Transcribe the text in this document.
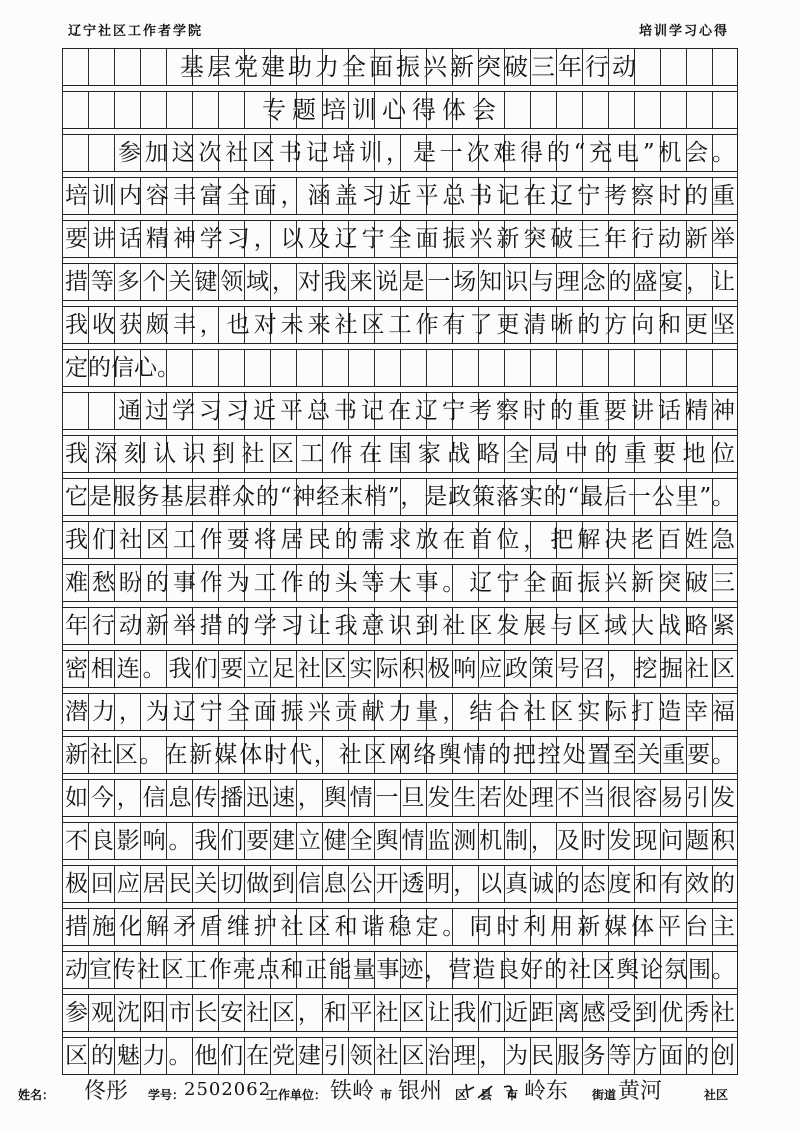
辽宁社区工作者学院	培训学习心得
基层党建助力全面振兴新突破三年行动
专题培训心得体会
参加这次社区书记培训，是一次难得的“充电”机会。
培训内容丰富全面，涵盖习近平总书记在辽宁考察时的重
要讲话精神学习，以及辽宁全面振兴新突破三年行动新举
措等多个关键领域，对我来说是一场知识与理念的盛宴，让
我收获颇丰，也对未来社区工作有了更清晰的方向和更坚
定的信心。
通过学习习近平总书记在辽宁考察时的重要讲话精神
我深刻认识到社区工作在国家战略全局中的重要地位
它是服务基层群众的“神经末梢”，是政策落实的“最后一公里”。
我们社区工作要将居民的需求放在首位，把解决老百姓急
难愁盼的事作为工作的头等大事。辽宁全面振兴新突破三
年行动新举措的学习让我意识到社区发展与区域大战略紧
密相连。我们要立足社区实际积极响应政策号召，挖掘社区
潜力，为辽宁全面振兴贡献力量，结合社区实际打造幸福
新社区。在新媒体时代，社区网络舆情的把控处置至关重要。
如今，信息传播迅速，舆情一旦发生若处理不当很容易引发
不良影响。我们要建立健全舆情监测机制，及时发现问题积
极回应居民关切做到信息公开透明，以真诚的态度和有效的
措施化解矛盾维护社区和谐稳定。同时利用新媒体平台主
动宣传社区工作亮点和正能量事迹，营造良好的社区舆论氛围。
参观沈阳市长安社区，和平社区让我们近距离感受到优秀社
区的魅力。他们在党建引领社区治理，为民服务等方面的创
姓名： 佟彤 学号： 2502062
工作单位： 铁岭 市 银州 区 县 市 岭东 街道 黄河	社区
